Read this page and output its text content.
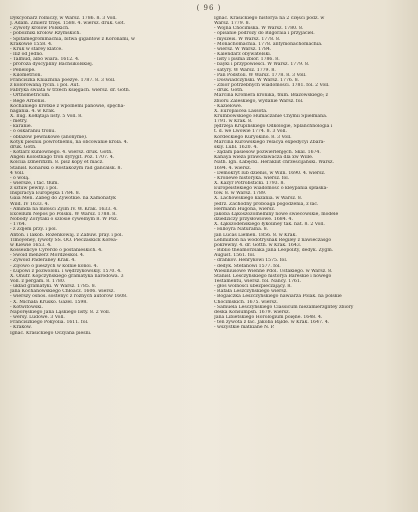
( 96 )
Dykcyonarz rolniczy, w Warsz. 1786. 8. 3 Voll.
J. Adam. Zmierz trzęs. 1588. 4. wiersz. druk. Got.
- Żywoty królów Polskich.
- pobożniki królów Rzymskich.
- Spitamegrommachia, bitwa gigantów z Koronami, w
Krakowie 1558. 4.
- Kruk w starey klatce.
- Iliź od Jedno.
- Talmud, albo wiara. 1612. 4.
- proroza dyscypliny Bachsikolskiej.
- Penelope.
- Kilometrion.
Franciszka Kniaźnina poezye. 1787. 8. 3 Voll.
z kolorowaną rycin. i pol. Aut.
Fabryka świata w trzech księgach. wiersz. dr. Goth.
- Orthometricum.
- Rege Arbonis.
Kochaniego krótkie z wpólnemi panowie, spęcha-
nagania. 4. w Krak.
X. Ilug. Kołłątaja listy. 5 Voll. 8.
- metry.
- karanie.
- o oskaraniu tronu.
- obłazów pewnikowe (anonyme).
Kotyk pieśniu powrotnemu, na obcowanie króla. 4.
druk. Goth.
- Kotlarz kunlownego. 4. wiersz. druk. Goth.
Angeli Kolostkago tron dyrygit. Poz. 1707. 4.
Kolciia Izmerifizm. 8. pisz kopy et macz.
Stanisł. Konarski o Rostakozym rad gancalsk. 8.
4 Voll.
- o wolą.
- wiersze, i tac. tłum.
z sztuw pewny. i pol.
Inspiracya Europejka 1784. 8.
Gaia Men. Zabeg do Zywotkie. na Xamonatyk
Wild. IV 1633. 4.
- Aminda na miłości Żyim IV. W. Krak. 1633. 4.
Excellum Nepos po Polsku. W Warsz. 1788. 8.
Nobody Zorytaki o szlosie cywelnym 8. W Poz.
- 1764.
- z Zdjem przy. i pol.
Anton. i Iakob. Rozenkowaj. z Zabuw. pray. i pol.
Tlmoyeney, Iywoty SS. OO. Pieczaskick Korea-
w Kiewie 1653. 4.
Kosseidicye Cyrerdo o postanieskich. 4.
- Swoid menzerz Mordzeskol. 4.
- Zywoid Paderaney Krak. 4.
- Ziyowo o pieszych w kolnie konoi. 4.
- Łupowi z pozwoloni. i wędrzykowskiy. 1570. 4.
X. Onufr. Kopczyńskiego gramatyka narodowa. 3
Voll. z pergam. 8. 1780.
- układ gramatyki. W Warsz. 1785. 8.
Jana Kochanowskiego Chłoacz. 1606. wiersz.
- wierszy osnos. sostenyc z różnych autorow 1608.
- X. Michała Kruśko. Gazel. 1598.
- Kotwitowski.
Naporęskiego Jana Ląskiego listy. 8. 2 Voll.
- wersy. Ludowe. 3 Voll.
Franciszkiego Pokyolia. 1611. fol.
- Kraków.
Ignac. Krasickiego Oczyana pieśni.
Ignac. Krasickiego historya na 2 części podz. w
Warsz. 1779. 8.
- Wojna Chocimska. W Warsz. 1780. 8.
- opisanie podróży do Bilgoraia i przyjaciel.
- myszeis. W Warsz. 1778. 8.
- Monachomachia. 1778. antymonachomachia.
- wiersz. W Warsz. 1784.
- Kalendarz obywatelski.
- listy i pisma zbiór. 1786. 8.
- bayki i przypowieści. W Warsz. 1779. 8.
- satyry. W Warsz. 1779. 8.
- Pan Podstoli. W Warsz. 1778. 8. 3 Voll.
- Doświadczyński. W Warsz. 1776. 8.
- Zbiór potrzebnych wiadomości. 1781. fol. 2 Voll.
- druk. Goth.
Marcina Kromera kronika, tłum. Błażowskiego; z
zbioru Zaleskiego, wydanie Warsz. fol.
- Kazielowe.
X. Europaicea Lassota.
Krumbowskiego Humaczanie Chymii Spielmana.
1791. w Krak. 8.
Jędrzeja Krupińskiego Odkologie, Splanchnologia i
t. d. we Lwowie 1774. 8. 3 Voll.
Kordeckiego Kuryokino. 8. 3 Voll.
Marcina Kurowskiego relacya expedycyi Zbara-
skiy. Lubl. 1620. 4.
- żądam pasiesow pozwierlenjęch. Skal. 1674.
Kahaya wieza prawodawacza dla xw Wille.
Nath. Ign. Łabęcki. Herakliit chrześcijański. Warsz.
1694. 4. wiersz.
- Demokryt lub dzienis, w Wiln. 1690. 4. wiersz.
- Kroliewe historyka. wiersz. fol.
X. Kazyr Potrobsticki. 1793. 8.
Europeistekiego wiadomość o kleypania spłaska-
tów. 8. w Warsz. 1789.
X. Lachowskiego kazania. w Warsz. 8.
Jedrz. Zachodny proboaga pogodzenia, z łac.
Hermann Hugona, wiersz.
Jakóba Łąkoszozolnelniny nowe świecowskie, modele
dziedziczy przysłowiowe. 1684. 4.
X. Łąkszodenskiego łykoliney tak. nat. 8. 2 Voll.
- Hilloyra Naturalna. 8.
Jan Lucas Liemen. 1856. 8. w Krak.
Lehmiiflon na wodotrysnak Regiley z nawieczasgo
pokrewny. 4. dr. Gotth. w Krak. 1643.
- Biblio theamorzsaka Jana Leopolity, dedyk. Zygm.
August. 1561. fol.
- drahkov. Henrykowi 1575. fol.
- dedyk. Stefanowi 1577. fol.
Wiesiniusowe Wienne Pdol. Ustakiego. w Warsz. 8.
Stanisł. Lesczyńskiego historya Bareskie i nowego
Testamentu, wiersz. fol. Nancy. 1761.
- głos wolności ubezpieczający. 8.
- Rafała Leszczyńskiego wiersz.
- Bogaiczka Leszczyńskiego nawiarza Polak. na polskie
Chocimskich. 1675. wiersz.
- Samuela Lesczyńskiego Classicum niezamierzglitey zbiory
deska Konsumpsh. 1679. wiersz.
Jana Libietskiego Horologium poięne. 1648. 4.
- ten żywota z łac. Jakoba Bąlde. w Krak. 1647. 4.
- wszystkie matkiane N. P.
